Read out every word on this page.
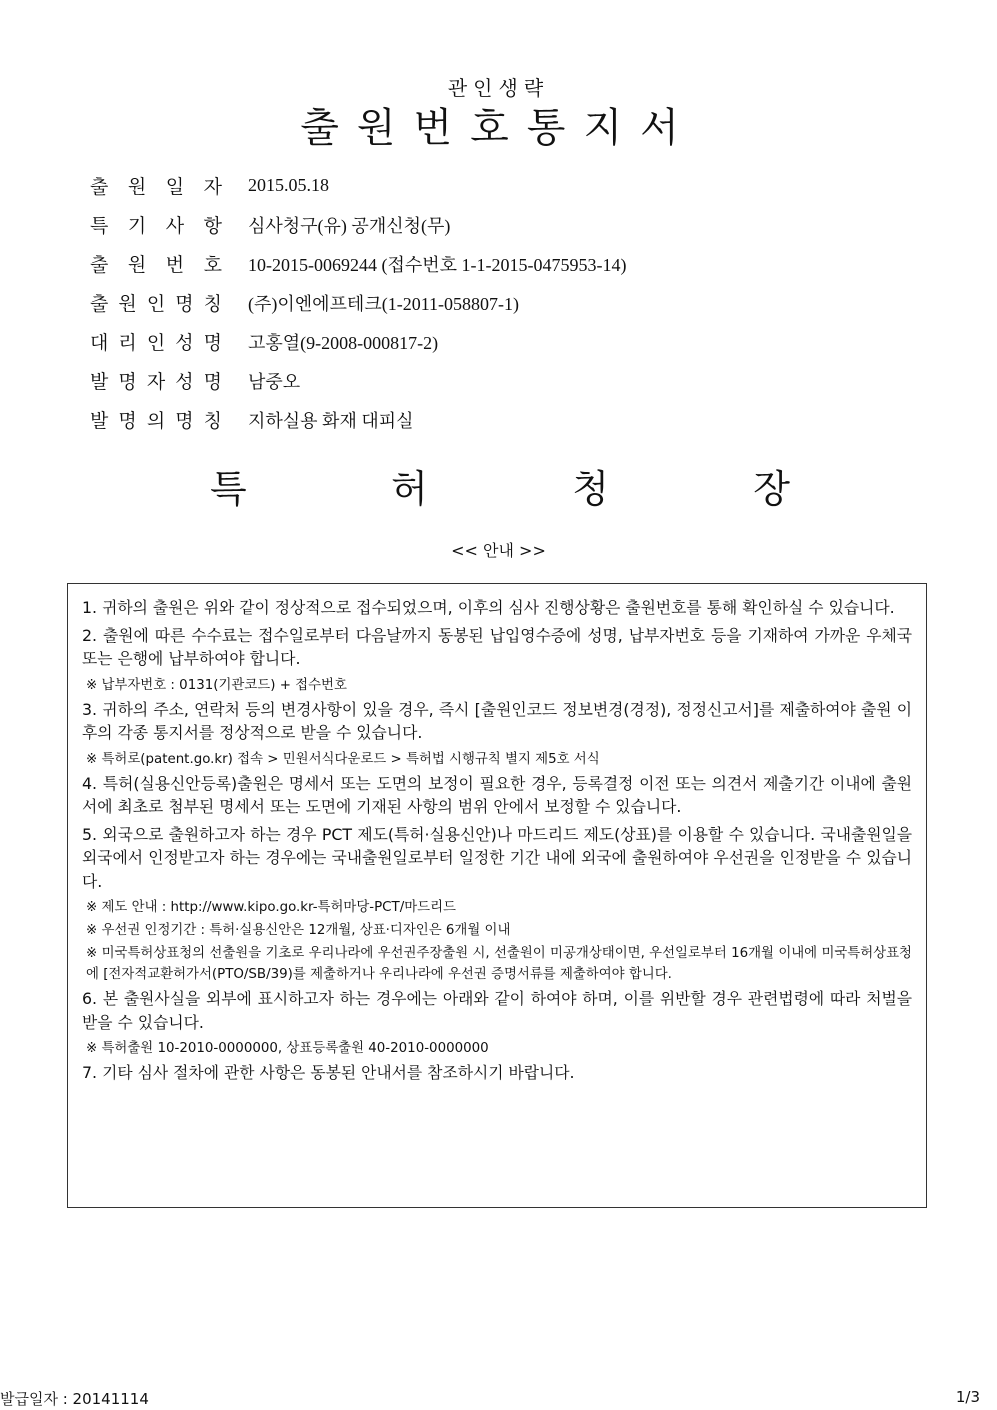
관인생략
출원번호통지서
출 원 일 자 2015.05.18
특 기 사 항 심사청구(유) 공개신청(무)
출 원 번 호 10-2015-0069244 (접수번호 1-1-2015-0475953-14)
출 원 인 명 칭 (주)이엔에프테크(1-2011-058807-1)
대 리 인 성 명 고홍열(9-2008-000817-2)
발 명 자 성 명 남중오
발 명 의 명 칭 지하실용 화재 대피실
특	허	청	장
<< 안내 >>
1. 귀하의 출원은 위와 같이 정상적으로 접수되었으며, 이후의 심사 진행상황은 출원번호를 통해 확인하실 수 있습니다.
2. 출원에 따른 수수료는 접수일로부터 다음날까지 동봉된 납입영수증에 성명, 납부자번호 등을 기재하여 가까운 우체국 또는 은행에 납부하여야 합니다.
※ 납부자번호 : 0131(기관코드) + 접수번호
3. 귀하의 주소, 연락처 등의 변경사항이 있을 경우, 즉시 [출원인코드 정보변경(경정), 정정신고서]를 제출하여야 출원 이후의 각종 통지서를 정상적으로 받을 수 있습니다.
※ 특허로(patent.go.kr) 접속 > 민원서식다운로드 > 특허법 시행규칙 별지 제5호 서식
4. 특허(실용신안등록)출원은 명세서 또는 도면의 보정이 필요한 경우, 등록결정 이전 또는 의견서 제출기간 이내에 출원서에 최초로 첨부된 명세서 또는 도면에 기재된 사항의 범위 안에서 보정할 수 있습니다.
5. 외국으로 출원하고자 하는 경우 PCT 제도(특허·실용신안)나 마드리드 제도(상표)를 이용할 수 있습니다. 국내출원일을 외국에서 인정받고자 하는 경우에는 국내출원일로부터 일정한 기간 내에 외국에 출원하여야 우선권을 인정받을 수 있습니다.
※ 제도 안내 : http://www.kipo.go.kr-특허마당-PCT/마드리드
※ 우선권 인정기간 : 특허·실용신안은 12개월, 상표·디자인은 6개월 이내
※ 미국특허상표청의 선출원을 기초로 우리나라에 우선권주장출원 시, 선출원이 미공개상태이면, 우선일로부터 16개월 이내에 미국특허상표청에 [전자적교환허가서(PTO/SB/39)를 제출하거나 우리나라에 우선권 증명서류를 제출하여야 합니다.
6. 본 출원사실을 외부에 표시하고자 하는 경우에는 아래와 같이 하여야 하며, 이를 위반할 경우 관련법령에 따라 처벌을 받을 수 있습니다.
※ 특허출원 10-2010-0000000, 상표등록출원 40-2010-0000000
7. 기타 심사 절차에 관한 사항은 동봉된 안내서를 참조하시기 바랍니다.
발급일자 : 20141114	1/3
